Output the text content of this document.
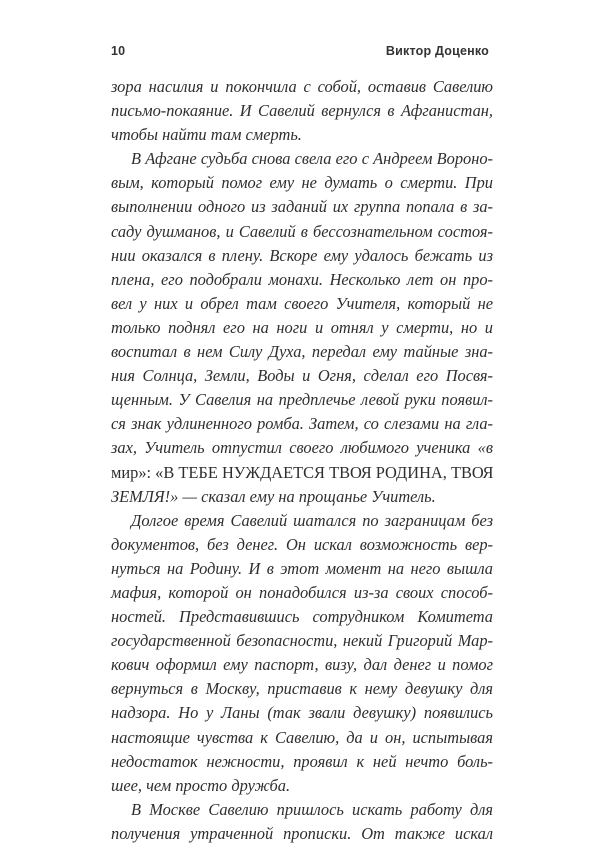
10	Виктор Доценко
зора насилия и покончила с собой, оставив Савелию
письмо-покаяние. И Савелий вернулся в Афганистан,
чтобы найти там смерть.
В Афгане судьба снова свела его с Андреем Вороно-
вым, который помог ему не думать о смерти. При
выполнении одного из заданий их группа попала в за-
саду душманов, и Савелий в бессознательном состоя-
нии оказался в плену. Вскоре ему удалось бежать из
плена, его подобрали монахи. Несколько лет он про-
вел у них и обрел там своего Учителя, который не
только поднял его на ноги и отнял у смерти, но и
воспитал в нем Силу Духа, передал ему тайные зна-
ния Солнца, Земли, Воды и Огня, сделал его Посвя-
щенным. У Савелия на предплечье левой руки появил-
ся знак удлиненного ромба. Затем, со слезами на гла-
зах, Учитель отпустил своего любимого ученика «в
мир»: «В ТЕБЕ НУЖДАЕТСЯ ТВОЯ РОДИНА, ТВОЯ
ЗЕМЛЯ!» — сказал ему на прощанье Учитель.
Долгое время Савелий шатался по заграницам без
документов, без денег. Он искал возможность вер-
нуться на Родину. И в этот момент на него вышла
мафия, которой он понадобился из-за своих способ-
ностей. Представившись сотрудником Комитета
государственной безопасности, некий Григорий Мар-
кович оформил ему паспорт, визу, дал денег и помог
вернуться в Москву, приставив к нему девушку для
надзора. Но у Ланы (так звали девушку) появились
настоящие чувства к Савелию, да и он, испытывая
недостаток нежности, проявил к ней нечто боль-
шее, чем просто дружба.
В Москве Савелию пришлось искать работу для
получения утраченной прописки. От также искал
